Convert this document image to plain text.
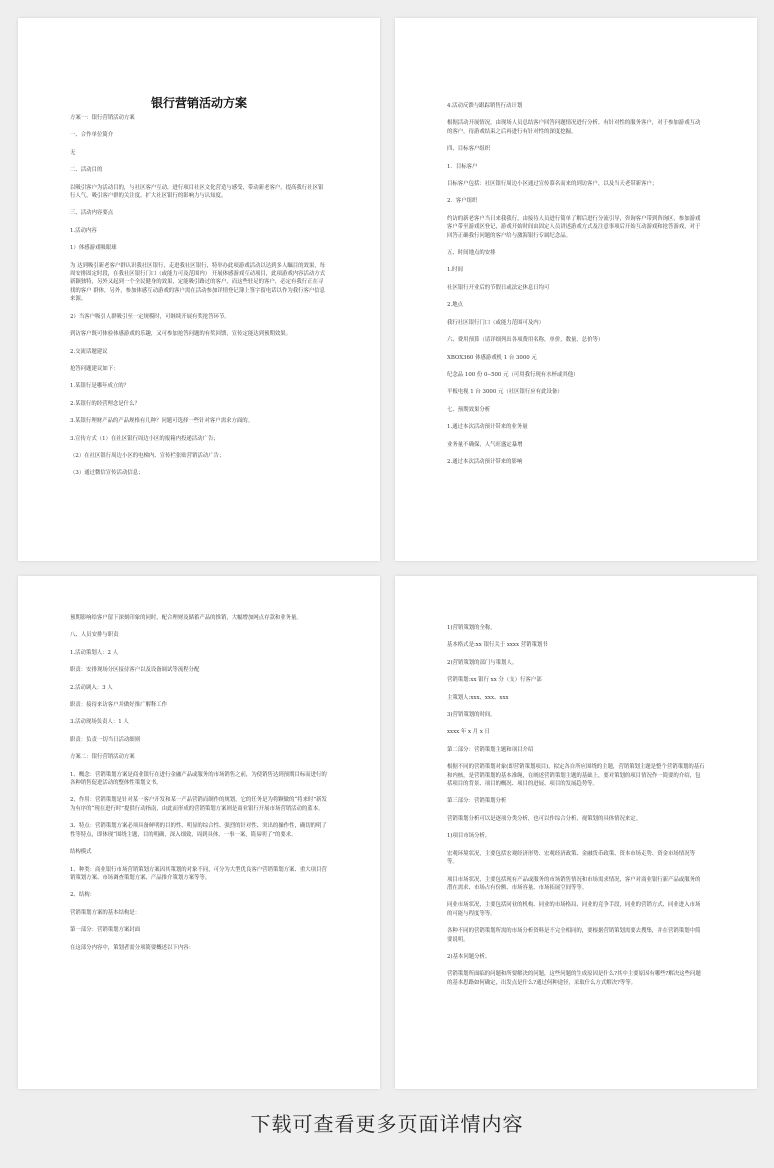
银行营销活动方案

方案一：银行营销活动方案

一、合作单位简介

无

二、活动目的

以吸引客户为活动目的，与社区客户互动，进行项目社区文化营造与感受，带动新老客户，提高我行社区银行人气，吸引客户群的关注度，扩大社区银行的影响力与认知度。

三、活动内容要点

1.活动内容

1）体感游戏吸眼球

为 达到吸引新老客户群认识我社区银行，走进我社区银行，特举办此项游戏活动以达到多人瞩目的效果，每周安排固定时段，在我社区银行门口（或能力可及范围内） 开展体感游戏互动项目，此项游戏内容活动方式新颖独特，另外又起到一个全民健身的效果，定能吸引路过的客户，而这些驻足的客户，必定有我行正在寻找的客户 群体，另外，参加体感互动游戏的客户需在活动参加详情登记簿上签字留电话以作为我行客户信息来源。

2）当客户吸引人群吸引至一定规模时，可继续开展有奖抢答环节。

到访客户既可体验体感游戏的乐趣，又可参加抢答问题的有奖回馈，宣传定能达到预期效果。

2.交流话题建议

抢答问题建议如下：

1.某银行是哪年成立的？

2.某银行的经营理念是什么？

3.某银行理财产品的产品规格有几种？问题可选择一些针对客户需求方面的。

3.宣传方式（1）在社区银行周边小区的报箱内投递活动广告；

（2）在社区银行周边小区的电梯内、宣传栏张贴营销活动广告；

（3）通过微信宣传活动信息；

4.活动反馈与跟踪销售行动计划

根据活动开展情况，由现场人员总结客户回答问题情况进行分析，有针对性的服务客户，对于参加游戏互动的客户，待游戏结束之后再进行有针对性的深度挖掘。

四、目标客户组织

1．目标客户

目标客户包括：社区银行周边小区通过宣传慕名而来的到访客户，以及当天老带新客户；

2．客户组织

约访的新老客户当日来我我行，由接待人员进行简单了解后进行分流引导，咨询客户带到咨询区，参加游戏客户带至游戏区登记，游戏开始时间由固定人员讲述游戏方式及注意事项后开始互动游戏和抢答游戏，对于回答正确我行问题的客户给与激海银行专属纪念品。

五、时间地点的安排

1.时间

社区银行开业后的节假日或法定休息日均可

2.地点

我行社区银行门口（或能力范围可及内）

六、费用预算（请详细列出各项费用名称，单价，数量，总价等）

XBOX360 体感游戏机 1 台 3000 元

纪念品 100 份 0--500 元（可用我行现有水杯或其他）

平板电视 1 台 3000 元（社区银行应有此设备）

七、预期效果分析

1.通过本次活动预计带来的业务量

业务量不确保，人气旺盛定暴增

2.通过本次活动预计带来的影响

预期影响给客户留下深刻印象的同时，配合理财及储蓄产品的推销，大幅增加网点存款和业务量。

八、人员安排与职责

1.活动策划人：2 人

职责：安排现场分区接待客户以及设备调试等流程分配

2.活动调入：3 人

职责：接待来访客户并做好推广解释工作

3.活动现场负责人：1 人

职责：负责一切当日活动细则

方案二：银行营销活动方案

1、概念：营销策划方案是商业银行在进行金融产品或服务的市场销售之前，为使销售达到预期目标而进行的各种销售促进活动的整体性策划文书。

2、作用：营销策划是针对某一客户开发和某一产品营销而制作的规划，它的任务是为将颗做的“将来时”新发为有序的“现在进行时”提供行动指南，由此而形成的营销策划方案则是商业银行开展市场营销活动的蓝本。

3、特点：营销策划方案必须具备鲜明的目的性、明显的综合性、强烈的针对性、突出的操作性，确切的明了性等特点，即体现“围绕主题，目的明确，深入细致，周到具体，一事一案，简易明了”的要求。

结构模式

1、种类：商业银行市场营销策划方案因其策划的对象不同，可分为大型优良客户营销策划方案、重大项目营销策划方案、市场调查策划方案、产品推介策划方案等等。

2、结构：

营销策划方案的基本结构是：

第一部分：营销策划方案封面

在这部分内容中，策划者需分项简要概述以下内容：

1)营销策划的全称。

基本格式是:xx 银行关于 xxxx 营销策划书

2)营销策划的部门与策划人。

营销策划:xx 银行 xx 分（支）行客户部

主策划人:xxx、xxx、xxx

3)营销策划的时间。

xxxx 年 x 月 x 日

第二部分：营销策划主题和项目介绍

根据不同的营销策划对象(即营销策划项目)，拟定各自所应围绕的主题，营销策划主题是整个营销策划的基石和内核，是营销策划的基本准绳，在阐述营销策划主题的基础上，要对策划的项目情况作一简要的介绍，包括项目的背景、项目的概况、项目的进展、项目的发展趋势等。

第三部分：营销策划分析

营销策划分析可以是逐项分类分析，也可以作综合分析，视策划的具体情况来定。

1)项目市场分析。

宏观环境状况，主要包括宏观经济形势、宏观经济政策、金融货币政策、资本市场走势、资金市场情况等等。

项目市场状况，主要包括现有产品或服务的市场销售情况和市场需求情况，客户对商业银行新产品或服务的潜在需求、市场占有份额、市场容量、市场拓展空间等等。

同业市场状况，主要包括同业的机构、同业的市场格局、同业的竞争手段，同业的营销方式、同业进入市场的可能与程度等等。

各种不同的营销策划所需的市场分析资料是不完全相同的，要根据营销策划需要去搜集，并在营销策划中简要说明。

2)基本问题分析。

营销策划所面临的问题和所要解决的问题，这些问题的生成原因是什么?其中主要原因有哪些?解决这些问题的基本思路如何确定，出发点是什么?通过何种途径，采取什么方式解决?等等。

下载可查看更多页面详情内容
